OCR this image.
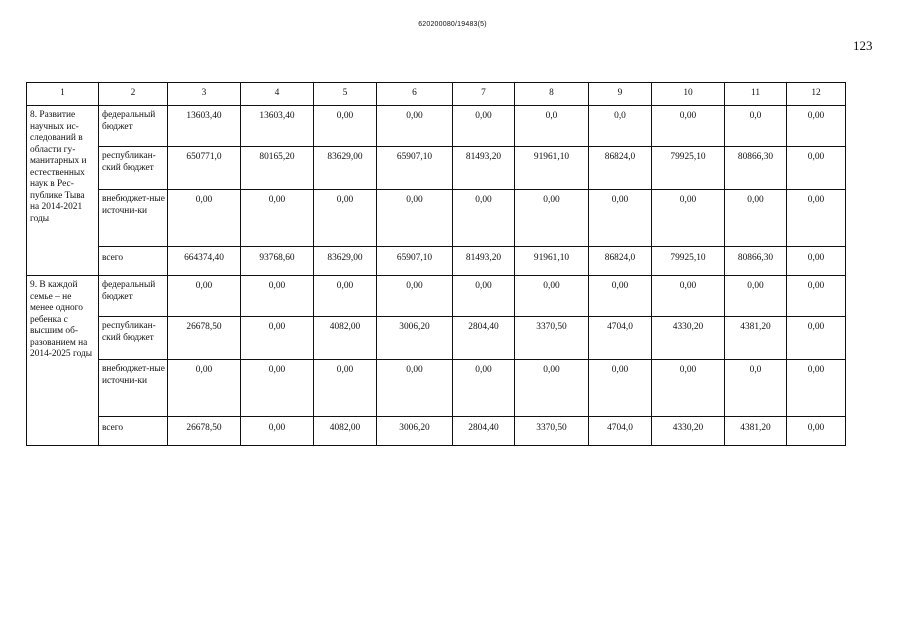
620200080/19483(5)
123
1	2	3	4	5	6	7	8	9	10	11	12
8. Развитие научных ис-следований в области гу-манитарных и естественных наук в Рес-публике Тыва на 2014-2021 годы	федеральный бюджет	13603,40	13603,40	0,00	0,00	0,00	0,0	0,0	0,00	0,0	0,00
	республикан-ский бюджет	650771,0	80165,20	83629,00	65907,10	81493,20	91961,10	86824,0	79925,10	80866,30	0,00
	внебюджет-ные источни-ки	0,00	0,00	0,00	0,00	0,00	0,00	0,00	0,00	0,00	0,00
	всего	664374,40	93768,60	83629,00	65907,10	81493,20	91961,10	86824,0	79925,10	80866,30	0,00
9. В каждой семье – не менее одного ребенка с высшим об-разованием на 2014-2025 годы	федеральный бюджет	0,00	0,00	0,00	0,00	0,00	0,00	0,00	0,00	0,00	0,00
	республикан-ский бюджет	26678,50	0,00	4082,00	3006,20	2804,40	3370,50	4704,0	4330,20	4381,20	0,00
	внебюджет-ные источни-ки	0,00	0,00	0,00	0,00	0,00	0,00	0,00	0,00	0,0	0,00
	всего	26678,50	0,00	4082,00	3006,20	2804,40	3370,50	4704,0	4330,20	4381,20	0,00
